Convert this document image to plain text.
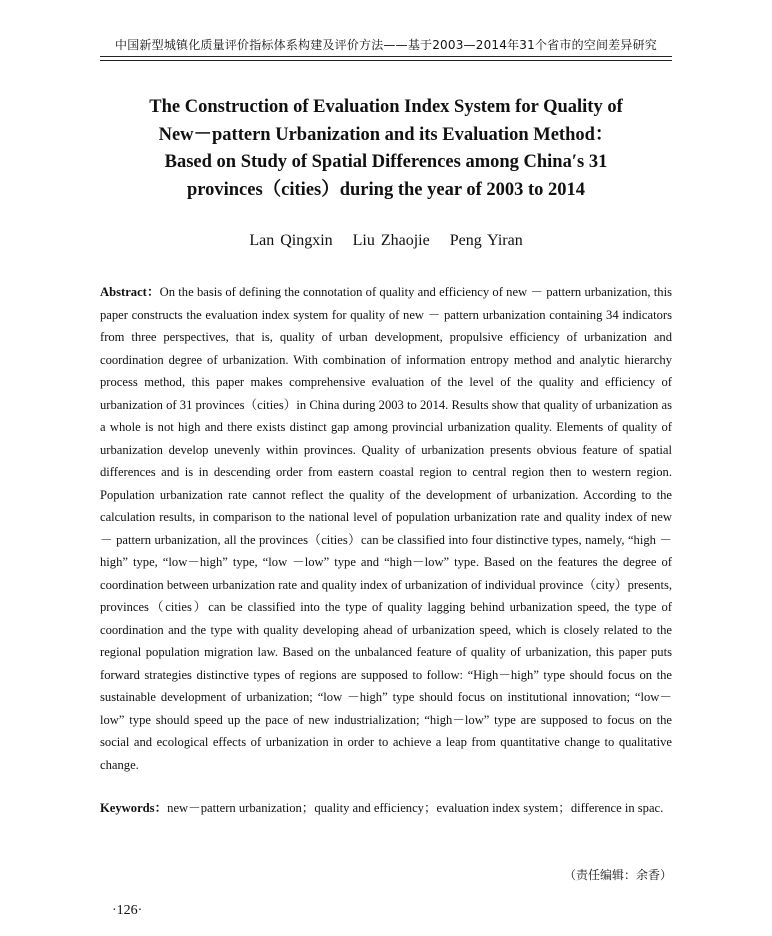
中国新型城镇化质量评价指标体系构建及评价方法——基于2003—2014年31个省市的空间差异研究
The Construction of Evaluation Index System for Quality of
New－pattern Urbanization and its Evaluation Method：
Based on Study of Spatial Differences among China′s 31
provinces（cities）during the year of 2003 to 2014
Lan Qingxin Liu Zhaojie Peng Yiran
Abstract：On the basis of defining the connotation of quality and efficiency of new － pattern urbanization, this paper constructs the evaluation index system for quality of new － pattern urbanization containing 34 indicators from three perspectives, that is, quality of urban development, propulsive efficiency of urbanization and coordination degree of urbanization. With combination of information entropy method and analytic hierarchy process method, this paper makes comprehensive evaluation of the level of the quality and efficiency of urbanization of 31 provinces（cities）in China during 2003 to 2014. Results show that quality of urbanization as a whole is not high and there exists distinct gap among provincial urbanization quality. Elements of quality of urbanization develop unevenly within provinces. Quality of urbanization presents obvious feature of spatial differences and is in descending order from eastern coastal region to central region then to western region. Population urbanization rate cannot reflect the quality of the development of urbanization. According to the calculation results, in comparison to the national level of population urbanization rate and quality index of new － pattern urbanization, all the provinces（cities）can be classified into four distinctive types, namely, “high － high” type, “low－high” type, “low －low” type and “high－low” type. Based on the features the degree of coordination between urbanization rate and quality index of urbanization of individual province（city）presents, provinces（cities）can be classified into the type of quality lagging behind urbanization speed, the type of coordination and the type with quality developing ahead of urbanization speed, which is closely related to the regional population migration law. Based on the unbalanced feature of quality of urbanization, this paper puts forward strategies distinctive types of regions are supposed to follow: “High－high” type should focus on the sustainable development of urbanization; “low －high” type should focus on institutional innovation; “low－low” type should speed up the pace of new industrialization; “high－low” type are supposed to focus on the social and ecological effects of urbanization in order to achieve a leap from quantitative change to qualitative change.
Keywords：new－pattern urbanization；quality and efficiency；evaluation index system；difference in spac.
（责任编辑：余香）
·126·
